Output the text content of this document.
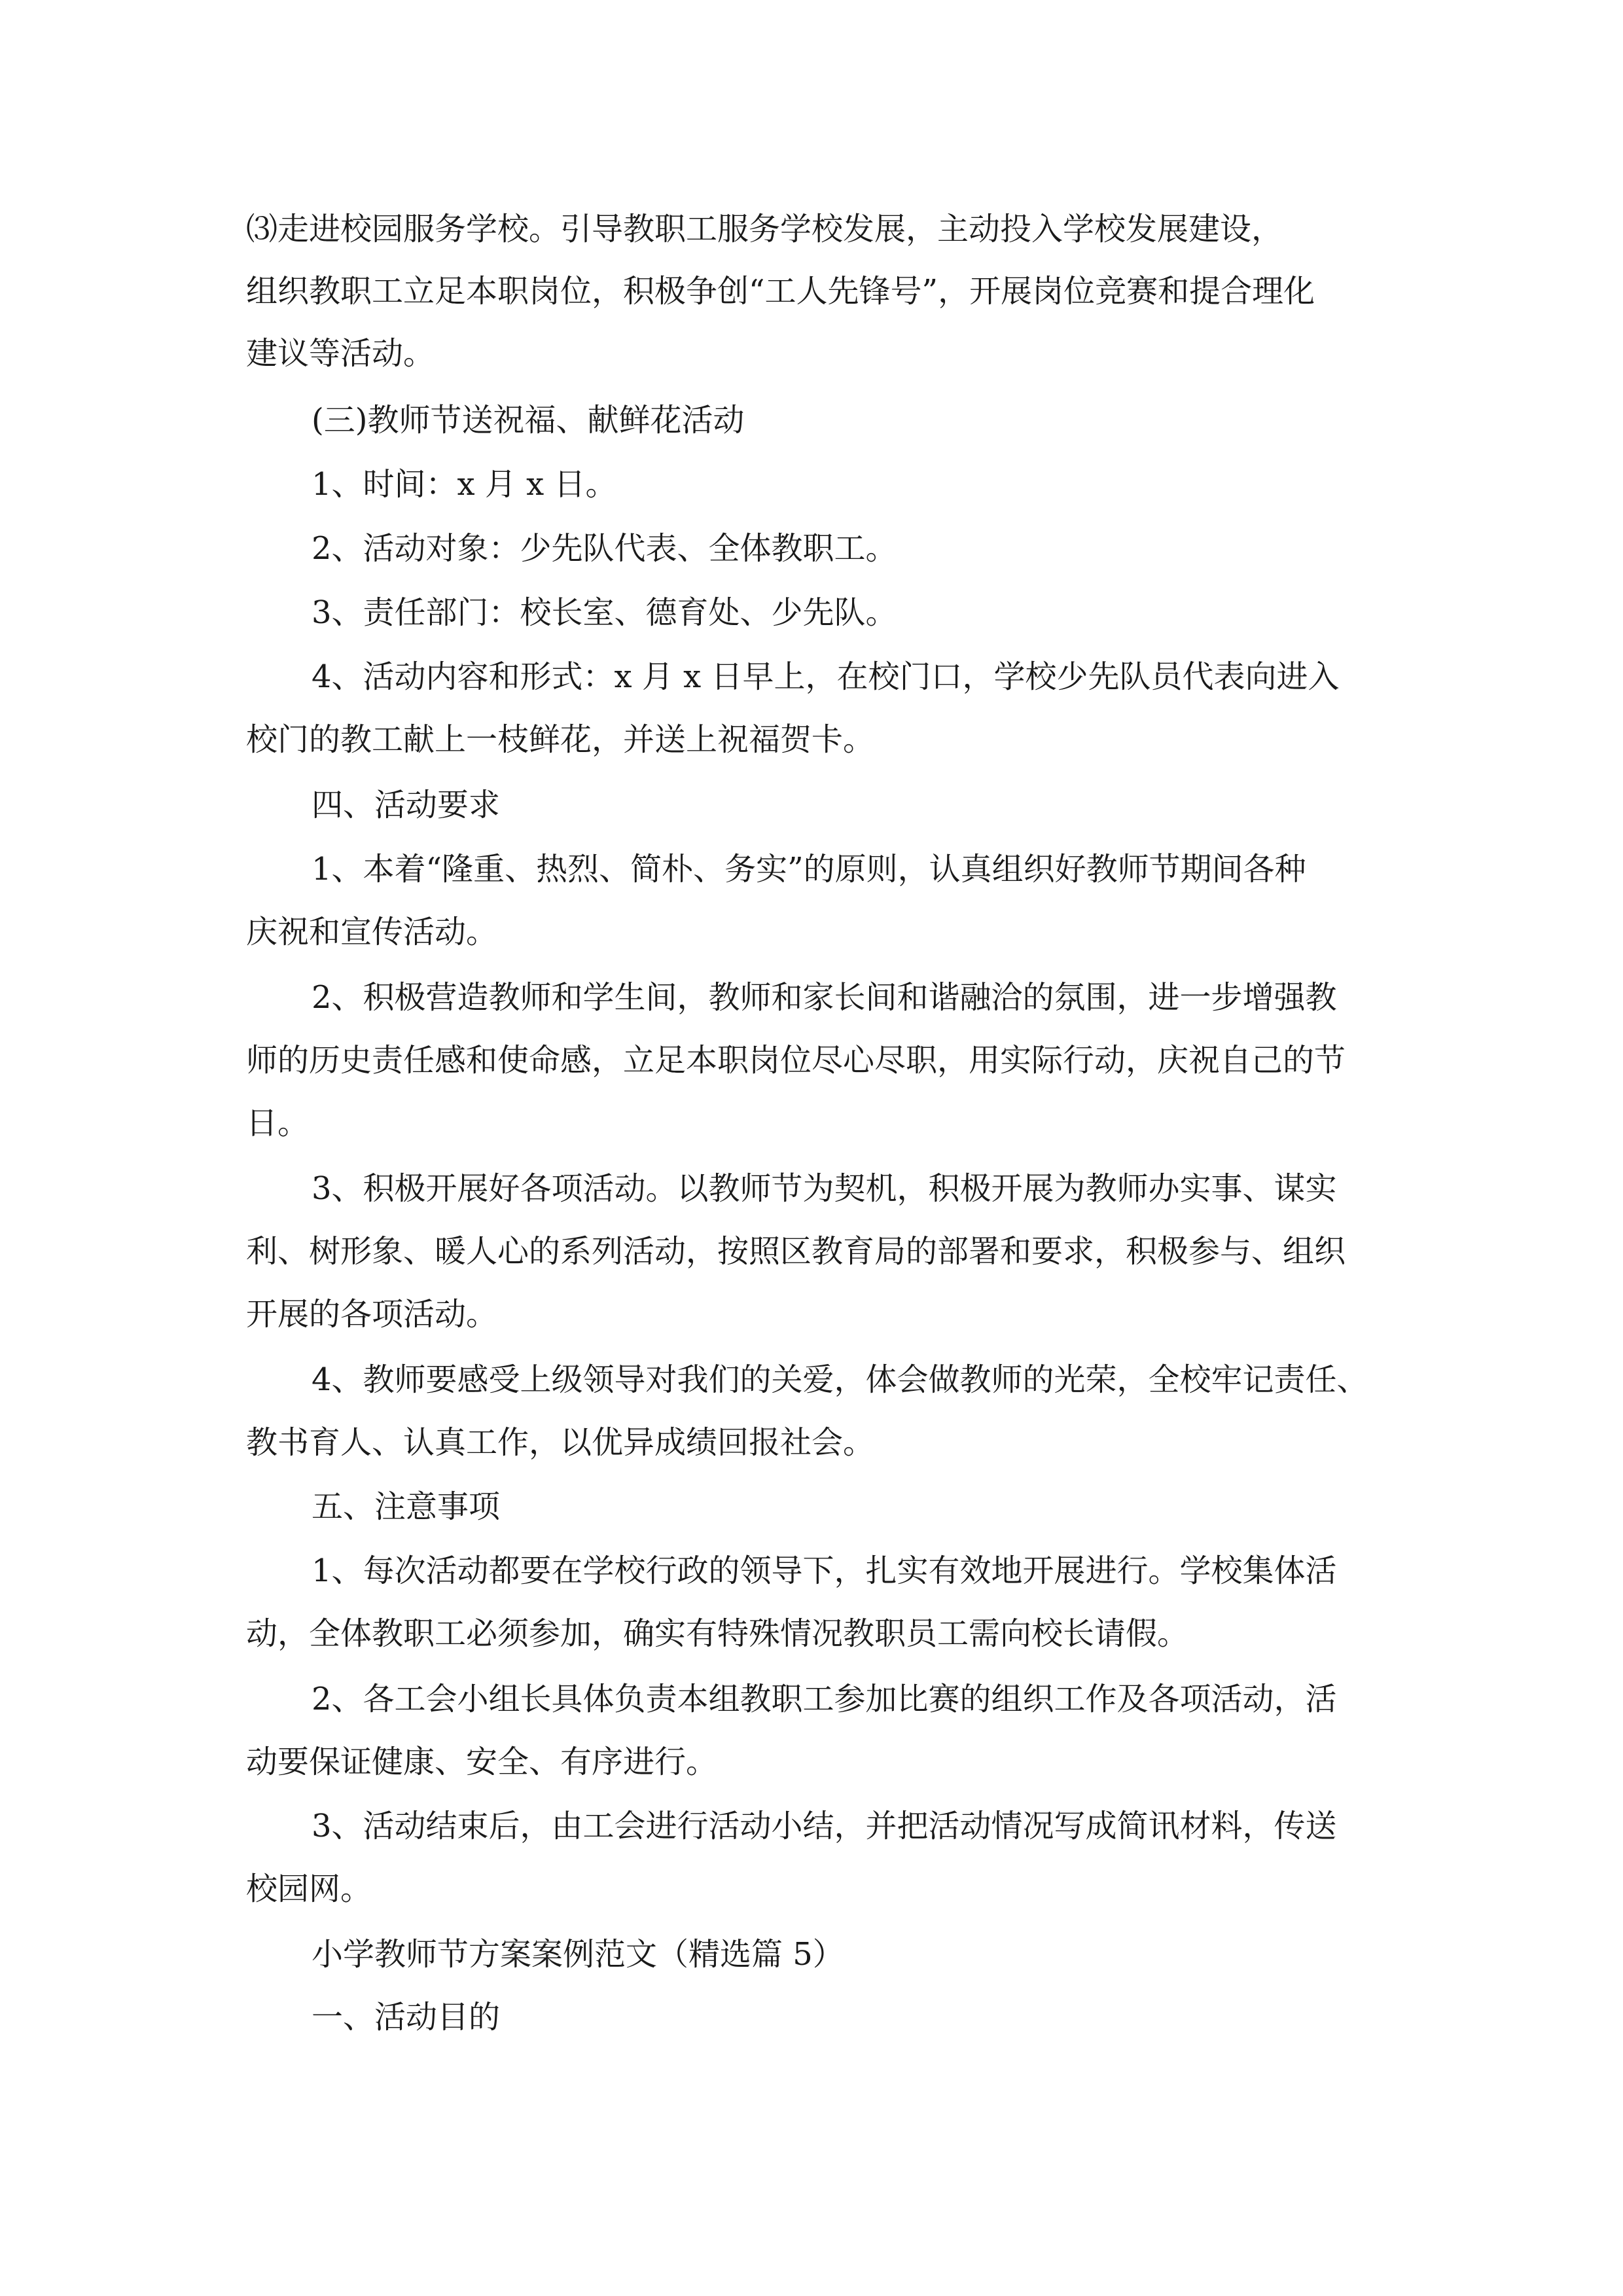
⑶走进校园服务学校。引导教职工服务学校发展，主动投入学校发展建设，
组织教职工立足本职岗位，积极争创“工人先锋号”，开展岗位竞赛和提合理化
建议等活动。
(三)教师节送祝福、献鲜花活动
1、时间：x 月 x 日。
2、活动对象：少先队代表、全体教职工。
3、责任部门：校长室、德育处、少先队。
4、活动内容和形式：x 月 x 日早上，在校门口，学校少先队员代表向进入
校门的教工献上一枝鲜花，并送上祝福贺卡。
四、活动要求
1、本着“隆重、热烈、简朴、务实”的原则，认真组织好教师节期间各种
庆祝和宣传活动。
2、积极营造教师和学生间，教师和家长间和谐融洽的氛围，进一步增强教
师的历史责任感和使命感，立足本职岗位尽心尽职，用实际行动，庆祝自己的节
日。
3、积极开展好各项活动。以教师节为契机，积极开展为教师办实事、谋实
利、树形象、暖人心的系列活动，按照区教育局的部署和要求，积极参与、组织
开展的各项活动。
4、教师要感受上级领导对我们的关爱，体会做教师的光荣，全校牢记责任、
教书育人、认真工作，以优异成绩回报社会。
五、注意事项
1、每次活动都要在学校行政的领导下，扎实有效地开展进行。学校集体活
动，全体教职工必须参加，确实有特殊情况教职员工需向校长请假。
2、各工会小组长具体负责本组教职工参加比赛的组织工作及各项活动，活
动要保证健康、安全、有序进行。
3、活动结束后，由工会进行活动小结，并把活动情况写成简讯材料，传送
校园网。
小学教师节方案案例范文（精选篇 5）
一、活动目的
